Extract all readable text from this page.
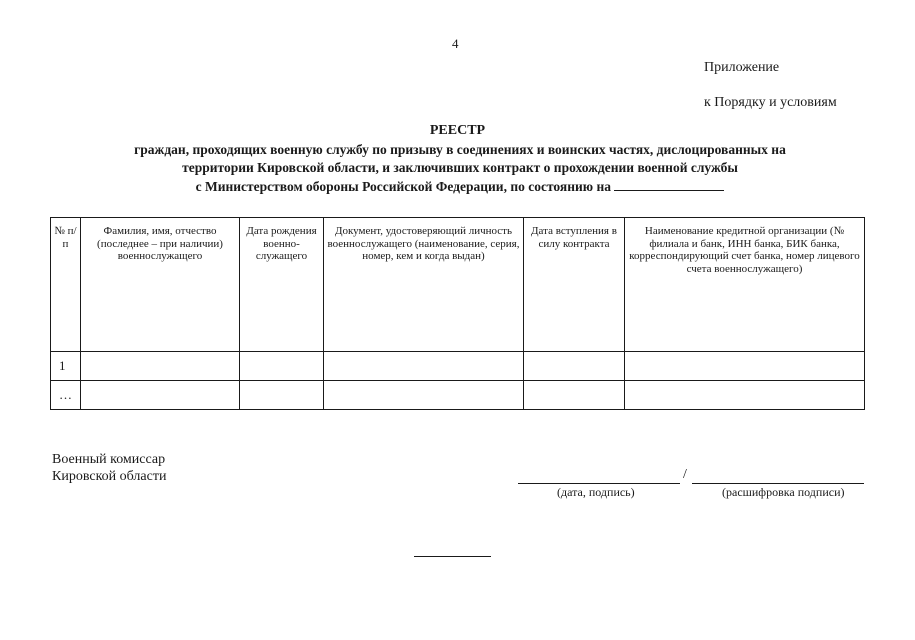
4
Приложение
к Порядку и условиям
РЕЕСТР
граждан, проходящих военную службу по призыву в соединениях и воинских частях, дислоцированных на
территории Кировской области, и заключивших контракт о прохождении военной службы
с Министерством обороны Российской Федерации, по состоянию на
№ п/п	Фамилия, имя, отчество (последнее – при наличии) военнослужащего	Дата рождения военно-служащего	Документ, удостоверяющий личность военнослужащего (наименование, серия, номер, кем и когда выдан)	Дата вступления в силу контракта	Наименование кредитной организации (№ филиала и банк, ИНН банка, БИК банка, корреспондирующий счет банка, номер лицевого счета военнослужащего)
1					
…					
Военный комиссар
Кировской области	/
(дата, подпись)	(расшифровка подписи)
